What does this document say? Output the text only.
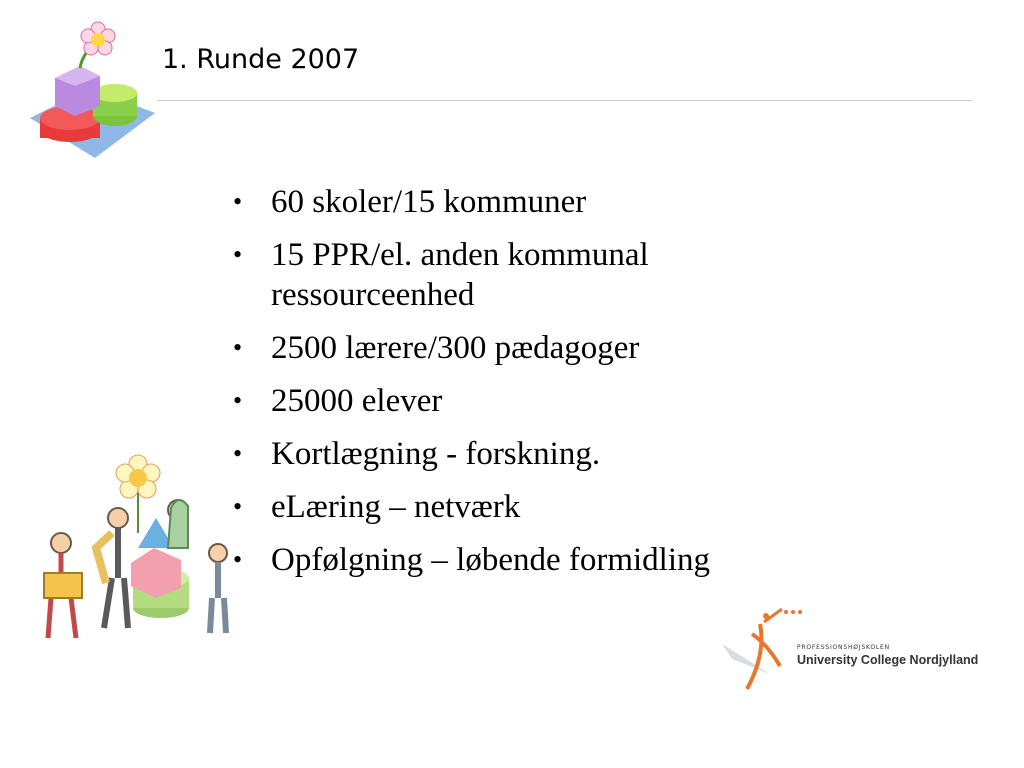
1. Runde 2007
• 60 skoler/15 kommuner
• 15 PPR/el. anden kommunal ressourceenhed
• 2500 lærere/300 pædagoger
• 25000 elever
• Kortlægning - forskning.
• eLæring – netværk
• Opfølgning – løbende formidling
PROFESSIONSHØJSKOLEN
University College Nordjylland
